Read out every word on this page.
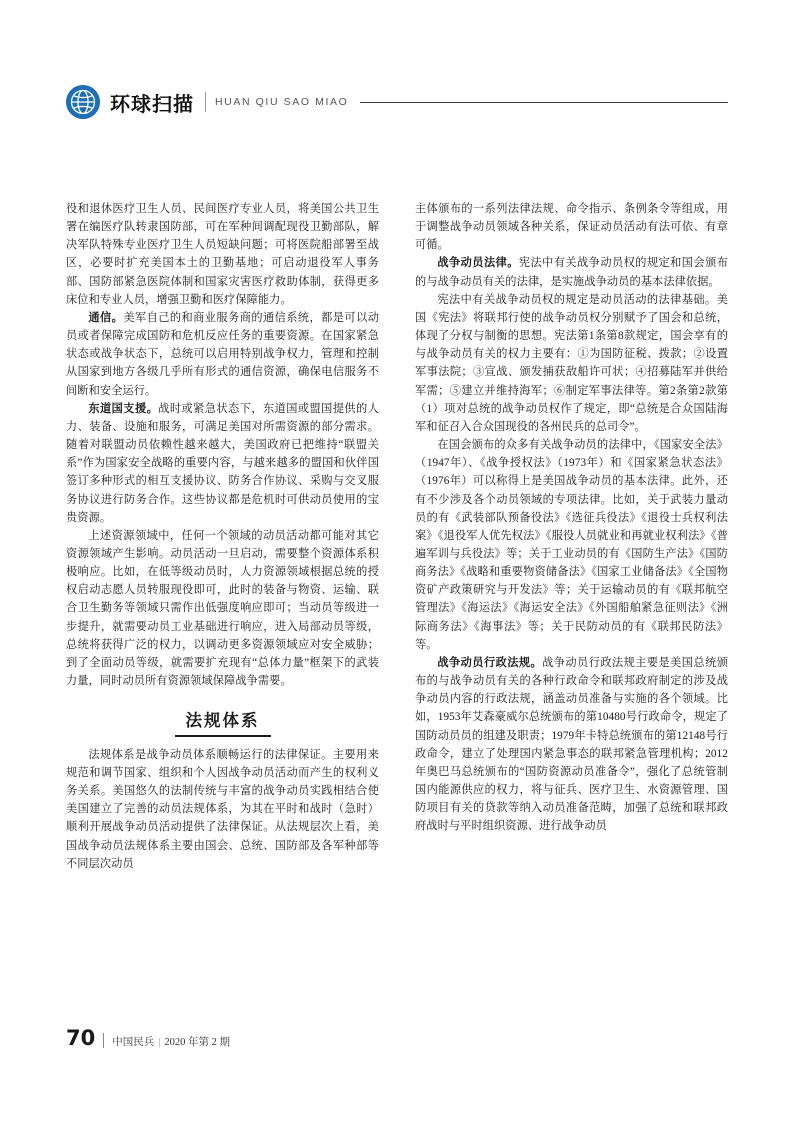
环球扫描 HUAN QIU SAO MIAO

役和退休医疗卫生人员、民间医疗专业人员，将美国公共卫生署在编医疗队转隶国防部，可在军种间调配现役卫勤部队，解决军队特殊专业医疗卫生人员短缺问题；可将医院船部署至战区，必要时扩充美国本土的卫勤基地；可启动退役军人事务部、国防部紧急医院体制和国家灾害医疗救助体制，获得更多床位和专业人员，增强卫勤和医疗保障能力。

通信。美军自己的和商业服务商的通信系统，都是可以动员或者保障完成国防和危机反应任务的重要资源。在国家紧急状态或战争状态下，总统可以启用特别战争权力，管理和控制从国家到地方各级几乎所有形式的通信资源，确保电信服务不间断和安全运行。

东道国支援。战时或紧急状态下，东道国或盟国提供的人力、装备、设施和服务，可满足美国对所需资源的部分需求。随着对联盟动员依赖性越来越大，美国政府已把维持“联盟关系”作为国家安全战略的重要内容，与越来越多的盟国和伙伴国签订多种形式的相互支援协议、防务合作协议、采购与交叉服务协议进行防务合作。这些协议都是危机时可供动员使用的宝贵资源。

上述资源领域中，任何一个领域的动员活动都可能对其它资源领域产生影响。动员活动一旦启动，需要整个资源体系积极响应。比如，在低等级动员时，人力资源领域根据总统的授权启动志愿人员转服现役即可，此时的装备与物资、运输、联合卫生勤务等领域只需作出低强度响应即可；当动员等级进一步提升，就需要动员工业基础进行响应，进入局部动员等级，总统将获得广泛的权力，以调动更多资源领域应对安全威胁；到了全面动员等级，就需要扩充现有“总体力量”框架下的武装力量，同时动员所有资源领域保障战争需要。

法规体系

法规体系是战争动员体系顺畅运行的法律保证。主要用来规范和调节国家、组织和个人因战争动员活动而产生的权利义务关系。美国悠久的法制传统与丰富的战争动员实践相结合使美国建立了完善的动员法规体系，为其在平时和战时（急时）顺利开展战争动员活动提供了法律保证。从法规层次上看，美国战争动员法规体系主要由国会、总统、国防部及各军种部等不同层次动员

主体颁布的一系列法律法规、命令指示、条例条令等组成，用于调整战争动员领域各种关系，保证动员活动有法可依、有章可循。

战争动员法律。宪法中有关战争动员权的规定和国会颁布的与战争动员有关的法律，是实施战争动员的基本法律依据。

宪法中有关战争动员权的规定是动员活动的法律基础。美国《宪法》将联邦行使的战争动员权分别赋予了国会和总统，体现了分权与制衡的思想。宪法第1条第8款规定，国会享有的与战争动员有关的权力主要有：①为国防征税、拨款；②设置军事法院；③宣战、颁发捕获敌船许可状；④招募陆军并供给军需；⑤建立并维持海军；⑥制定军事法律等。第2条第2款第（1）项对总统的战争动员权作了规定，即“总统是合众国陆海军和征召入合众国现役的各州民兵的总司令”。

在国会颁布的众多有关战争动员的法律中，《国家安全法》（1947年）、《战争授权法》（1973年）和《国家紧急状态法》（1976年）可以称得上是美国战争动员的基本法律。此外，还有不少涉及各个动员领域的专项法律。比如，关于武装力量动员的有《武装部队预备役法》《选征兵役法》《退役士兵权利法案》《退役军人优先权法》《服役人员就业和再就业权利法》《普遍军训与兵役法》等；关于工业动员的有《国防生产法》《国防商务法》《战略和重要物资储备法》《国家工业储备法》《全国物资矿产政策研究与开发法》等；关于运输动员的有《联邦航空管理法》《海运法》《海运安全法》《外国船舶紧急征则法》《洲际商务法》《海事法》等；关于民防动员的有《联邦民防法》等。

战争动员行政法规。战争动员行政法规主要是美国总统颁布的与战争动员有关的各种行政命令和联邦政府制定的涉及战争动员内容的行政法规，涵盖动员准备与实施的各个领域。比如，1953年艾森豪威尔总统颁布的第10480号行政命令，规定了国防动员员的组建及职责；1979年卡特总统颁布的第12148号行政命令，建立了处理国内紧急事态的联邦紧急管理机构；2012年奥巴马总统颁布的“国防资源动员准备令”，强化了总统管制国内能源供应的权力，将与征兵、医疗卫生、水资源管理、国防项目有关的贷款等纳入动员准备范畴，加强了总统和联邦政府战时与平时组织资源、进行战争动员

70 中国民兵 | 2020 年第 2 期
